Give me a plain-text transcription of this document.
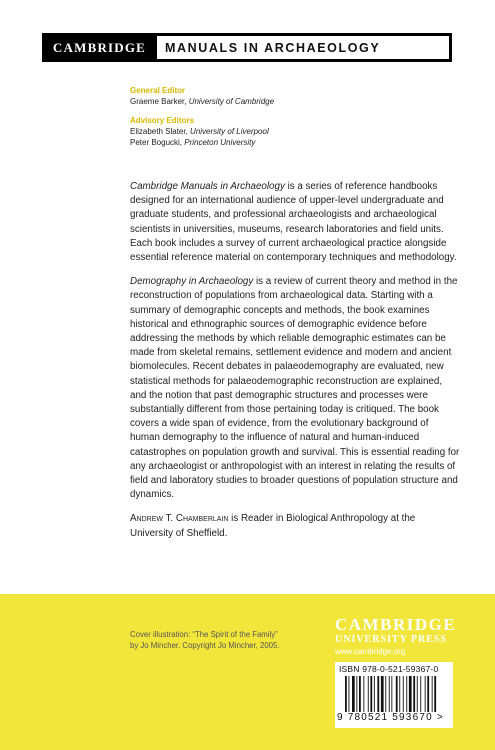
CAMBRIDGE	MANUALS IN ARCHAEOLOGY
General Editor
Graeme Barker, University of Cambridge
Advisory Editors
Elizabeth Slater, University of Liverpool
Peter Bogucki, Princeton University

Cambridge Manuals in Archaeology is a series of reference handbooks designed for an international audience of upper-level undergraduate and graduate students, and professional archaeologists and archaeological scientists in universities, museums, research laboratories and field units. Each book includes a survey of current archaeological practice alongside essential reference material on contemporary techniques and methodology.

Demography in Archaeology is a review of current theory and method in the reconstruction of populations from archaeological data. Starting with a summary of demographic concepts and methods, the book examines historical and ethnographic sources of demographic evidence before addressing the methods by which reliable demographic estimates can be made from skeletal remains, settlement evidence and modern and ancient biomolecules. Recent debates in palaeodemography are evaluated, new statistical methods for palaeodemographic reconstruction are explained, and the notion that past demographic structures and processes were substantially different from those pertaining today is critiqued. The book covers a wide span of evidence, from the evolutionary background of human demography to the influence of natural and human-induced catastrophes on population growth and survival. This is essential reading for any archaeologist or anthropologist with an interest in relating the results of field and laboratory studies to broader questions of population structure and dynamics.

Andrew T. Chamberlain is Reader in Biological Anthropology at the University of Sheffield.

Cover illustration: “The Spirit of the Family” by Jo Mincher. Copyright Jo Mincher, 2005.
CAMBRIDGE
UNIVERSITY PRESS
www.cambridge.org
ISBN 978-0-521-59367-0
9 780521 593670 >
